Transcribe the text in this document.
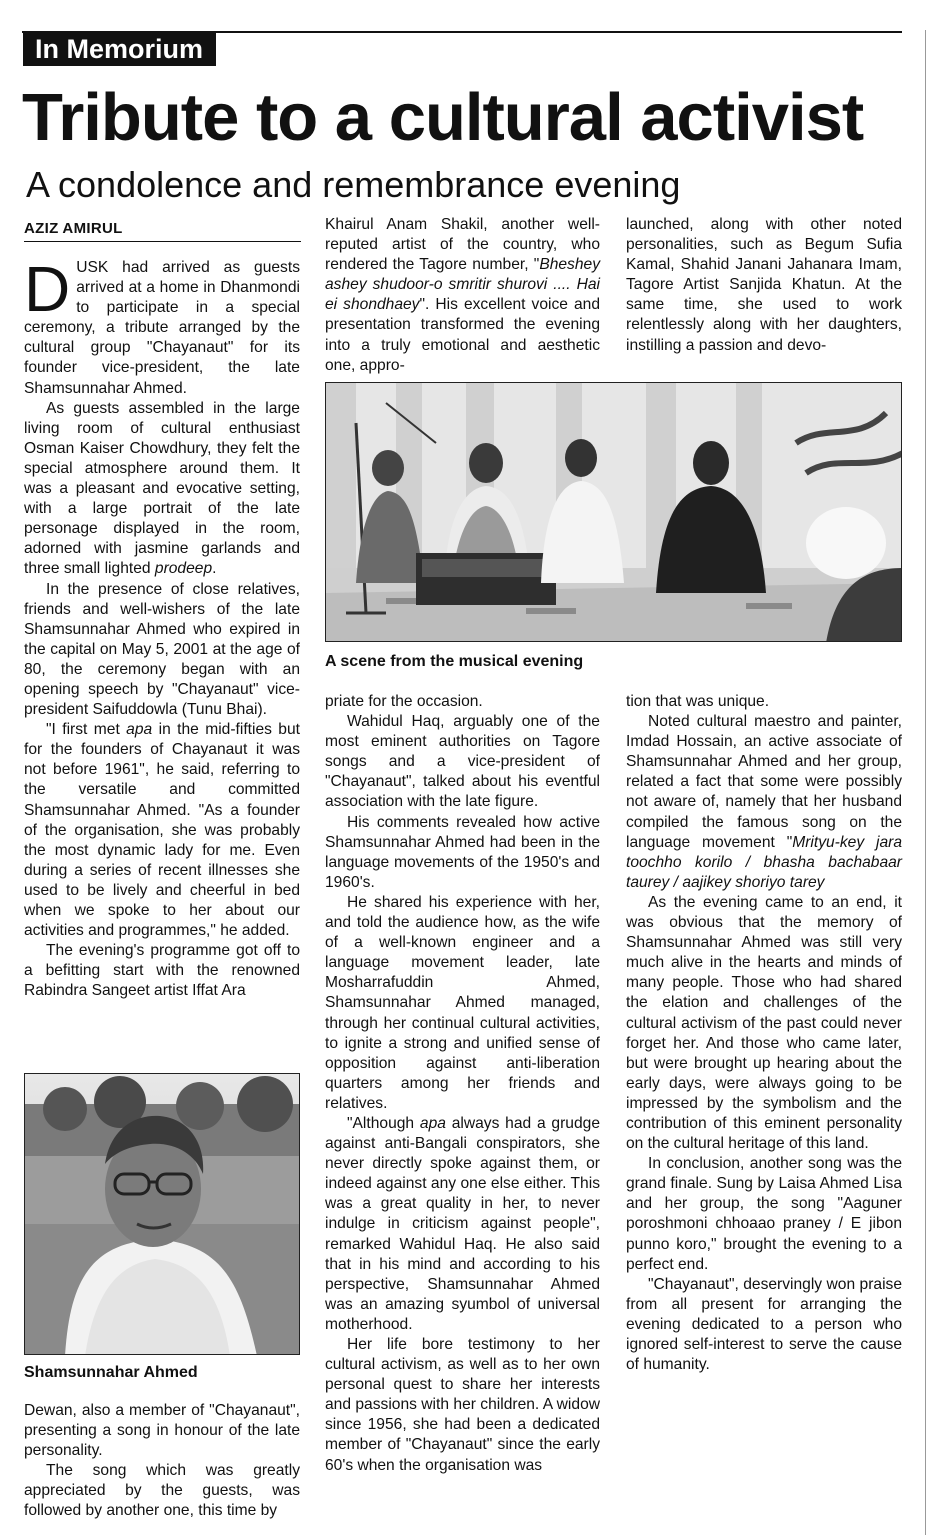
In Memorium
Tribute to a cultural activist
A condolence and remembrance evening
AZIZ AMIRUL

DUSK had arrived as guests arrived at a home in Dhanmondi to participate in a special ceremony, a tribute arranged by the cultural group "Chayanaut" for its founder vice-president, the late Shamsunnahar Ahmed.

As guests assembled in the large living room of cultural enthusiast Osman Kaiser Chowdhury, they felt the special atmosphere around them. It was a pleasant and evocative setting, with a large portrait of the late personage displayed in the room, adorned with jasmine garlands and three small lighted prodeep.

In the presence of close relatives, friends and well-wishers of the late Shamsunnahar Ahmed who expired in the capital on May 5, 2001 at the age of 80, the ceremony began with an opening speech by "Chayanaut" vice-president Saifuddowla (Tunu Bhai).

"I first met apa in the mid-fifties but for the founders of Chayanaut it was not before 1961", he said, referring to the versatile and committed Shamsunnahar Ahmed. "As a founder of the organisation, she was probably the most dynamic lady for me. Even during a series of recent illnesses she used to be lively and cheerful in bed when we spoke to her about our activities and programmes," he added.

The evening's programme got off to a befitting start with the renowned Rabindra Sangeet artist Iffat Ara

Shamsunnahar Ahmed

Dewan, also a member of "Chayanaut", presenting a song in honour of the late personality.

The song which was greatly appreciated by the guests, was followed by another one, this time by

Khairul Anam Shakil, another well-reputed artist of the country, who rendered the Tagore number, "Bheshey ashey shudoor-o smritir shurovi .... Hai ei shondhaey". His excellent voice and presentation transformed the evening into a truly emotional and aesthetic one, appro-

launched, along with other noted personalities, such as Begum Sufia Kamal, Shahid Janani Jahanara Imam, Tagore Artist Sanjida Khatun. At the same time, she used to work relentlessly along with her daughters, instilling a passion and devo-

A scene from the musical evening

priate for the occasion.

Wahidul Haq, arguably one of the most eminent authorities on Tagore songs and a vice-president of "Chayanaut", talked about his eventful association with the late figure.

His comments revealed how active Shamsunnahar Ahmed had been in the language movements of the 1950's and 1960's.

He shared his experience with her, and told the audience how, as the wife of a well-known engineer and a language movement leader, late Mosharrafuddin Ahmed, Shamsunnahar Ahmed managed, through her continual cultural activities, to ignite a strong and unified sense of opposition against anti-liberation quarters among her friends and relatives.

"Although apa always had a grudge against anti-Bangali conspirators, she never directly spoke against them, or indeed against any one else either. This was a great quality in her, to never indulge in criticism against people", remarked Wahidul Haq. He also said that in his mind and according to his perspective, Shamsunnahar Ahmed was an amazing syumbol of universal motherhood.

Her life bore testimony to her cultural activism, as well as to her own personal quest to share her interests and passions with her children. A widow since 1956, she had been a dedicated member of "Chayanaut" since the early 60's when the organisation was

tion that was unique.

Noted cultural maestro and painter, Imdad Hossain, an active associate of Shamsunnahar Ahmed and her group, related a fact that some were possibly not aware of, namely that her husband compiled the famous song on the language movement "Mrityu-key jara toochho korilo / bhasha bachabaar taurey / aajikey shoriyo tarey

As the evening came to an end, it was obvious that the memory of Shamsunnahar Ahmed was still very much alive in the hearts and minds of many people. Those who had shared the elation and challenges of the cultural activism of the past could never forget her. And those who came later, but were brought up hearing about the early days, were always going to be impressed by the symbolism and the contribution of this eminent personality on the cultural heritage of this land.

In conclusion, another song was the grand finale. Sung by Laisa Ahmed Lisa and her group, the song "Aaguner poroshmoni chhoaao praney / E jibon punno koro," brought the evening to a perfect end.

"Chayanaut", deservingly won praise from all present for arranging the evening dedicated to a person who ignored self-interest to serve the cause of humanity.
